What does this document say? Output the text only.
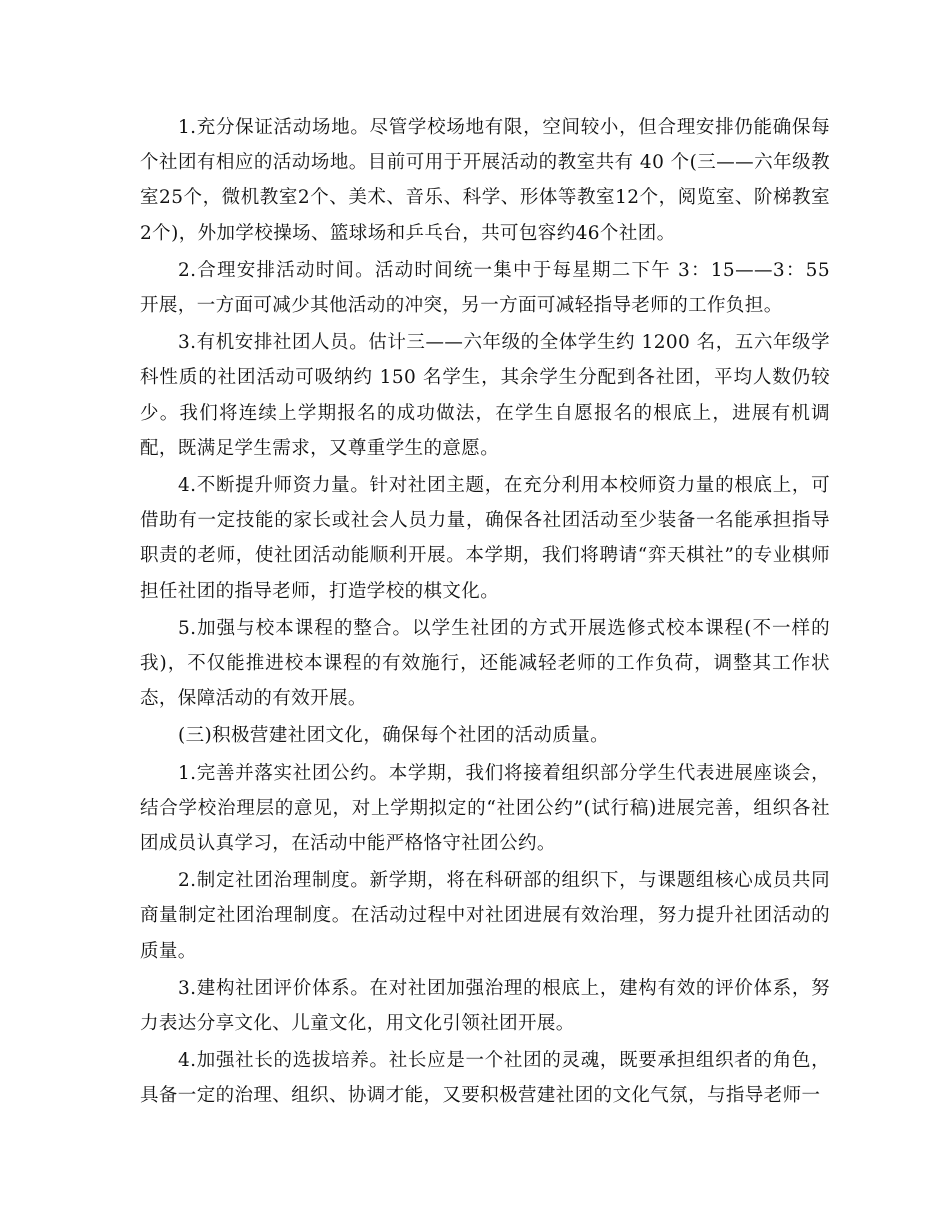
1.充分保证活动场地。尽管学校场地有限，空间较小，但合理安排仍能确保每个社团有相应的活动场地。目前可用于开展活动的教室共有 40 个(三——六年级教室25个，微机教室2个、美术、音乐、科学、形体等教室12个，阅览室、阶梯教室2个)，外加学校操场、篮球场和乒乓台，共可包容约46个社团。

2.合理安排活动时间。活动时间统一集中于每星期二下午 3：15——3：55 开展，一方面可减少其他活动的冲突，另一方面可减轻指导老师的工作负担。

3.有机安排社团人员。估计三——六年级的全体学生约 1200 名，五六年级学科性质的社团活动可吸纳约 150 名学生，其余学生分配到各社团，平均人数仍较少。我们将连续上学期报名的成功做法，在学生自愿报名的根底上，进展有机调配，既满足学生需求，又尊重学生的意愿。

4.不断提升师资力量。针对社团主题，在充分利用本校师资力量的根底上，可借助有一定技能的家长或社会人员力量，确保各社团活动至少装备一名能承担指导职责的老师，使社团活动能顺利开展。本学期，我们将聘请“弈天棋社”的专业棋师担任社团的指导老师，打造学校的棋文化。

5.加强与校本课程的整合。以学生社团的方式开展选修式校本课程(不一样的我)，不仅能推进校本课程的有效施行，还能减轻老师的工作负荷，调整其工作状态，保障活动的有效开展。

(三)积极营建社团文化，确保每个社团的活动质量。

1.完善并落实社团公约。本学期，我们将接着组织部分学生代表进展座谈会，结合学校治理层的意见，对上学期拟定的“社团公约”(试行稿)进展完善，组织各社团成员认真学习，在活动中能严格恪守社团公约。

2.制定社团治理制度。新学期，将在科研部的组织下，与课题组核心成员共同商量制定社团治理制度。在活动过程中对社团进展有效治理，努力提升社团活动的质量。

3.建构社团评价体系。在对社团加强治理的根底上，建构有效的评价体系，努力表达分享文化、儿童文化，用文化引领社团开展。

4.加强社长的选拔培养。社长应是一个社团的灵魂，既要承担组织者的角色，具备一定的治理、组织、协调才能，又要积极营建社团的文化气氛，与指导老师一
